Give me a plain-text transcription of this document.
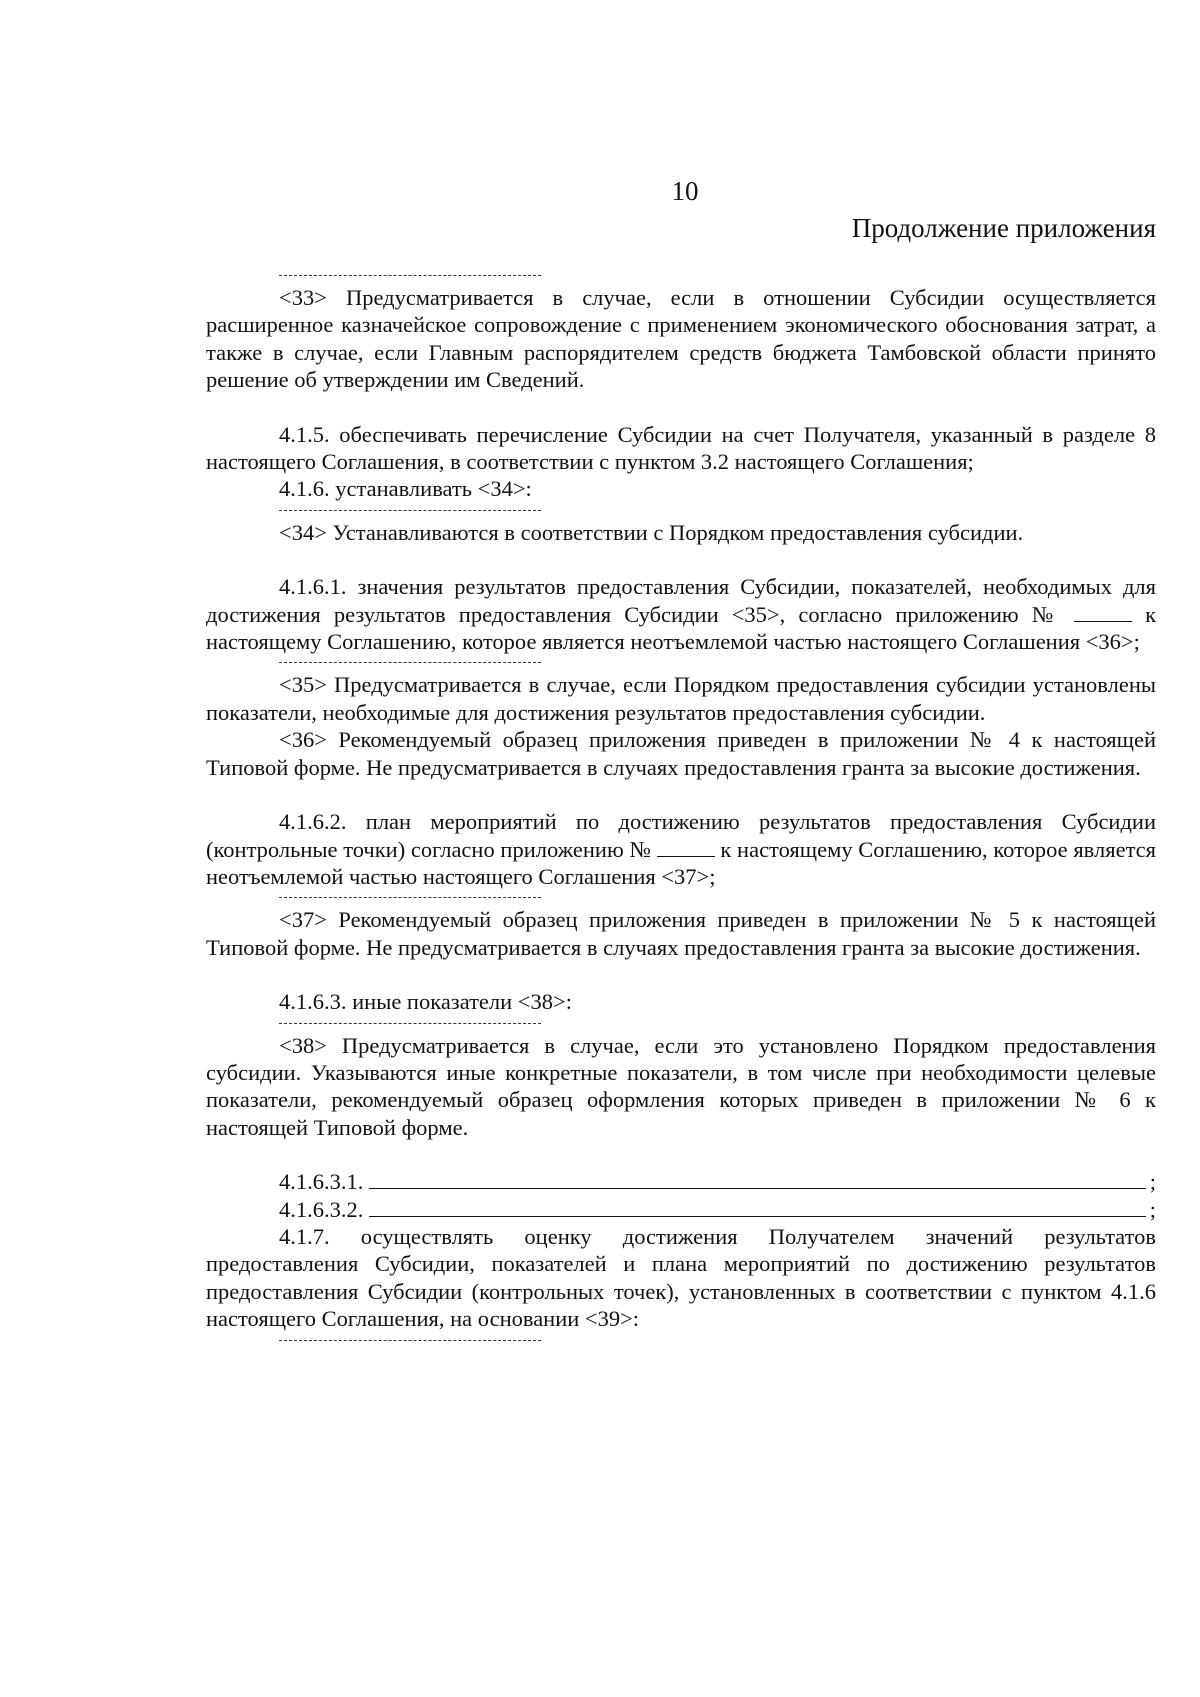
10
Продолжение приложения

<33> Предусматривается в случае, если в отношении Субсидии осуществляется расширенное казначейское сопровождение с применением экономического обоснования затрат, а также в случае, если Главным распорядителем средств бюджета Тамбовской области принято решение об утверждении им Сведений.

4.1.5. обеспечивать перечисление Субсидии на счет Получателя, указанный в разделе 8 настоящего Соглашения, в соответствии с пунктом 3.2 настоящего Соглашения;

4.1.6. устанавливать <34>:

<34> Устанавливаются в соответствии с Порядком предоставления субсидии.

4.1.6.1. значения результатов предоставления Субсидии, показателей, необходимых для достижения результатов предоставления Субсидии <35>, согласно приложению №	к настоящему Соглашению, которое является неотъемлемой частью настоящего Соглашения <36>;

<35> Предусматривается в случае, если Порядком предоставления субсидии установлены показатели, необходимые для достижения результатов предоставления субсидии.

<36> Рекомендуемый образец приложения приведен в приложении № 4 к настоящей Типовой форме. Не предусматривается в случаях предоставления гранта за высокие достижения.

4.1.6.2. план мероприятий по достижению результатов предоставления Субсидии (контрольные точки) согласно приложению №	к настоящему Соглашению, которое является неотъемлемой частью настоящего Соглашения <37>;

<37> Рекомендуемый образец приложения приведен в приложении № 5 к настоящей Типовой форме. Не предусматривается в случаях предоставления гранта за высокие достижения.

4.1.6.3. иные показатели <38>:

<38> Предусматривается в случае, если это установлено Порядком предоставления субсидии. Указываются иные конкретные показатели, в том числе при необходимости целевые показатели, рекомендуемый образец оформления которых приведен в приложении № 6 к настоящей Типовой форме.

4.1.6.3.1.	;
4.1.6.3.2.	;

4.1.7. осуществлять оценку достижения Получателем значений результатов предоставления Субсидии, показателей и плана мероприятий по достижению результатов предоставления Субсидии (контрольных точек), установленных в соответствии с пунктом 4.1.6 настоящего Соглашения, на основании <39>:
